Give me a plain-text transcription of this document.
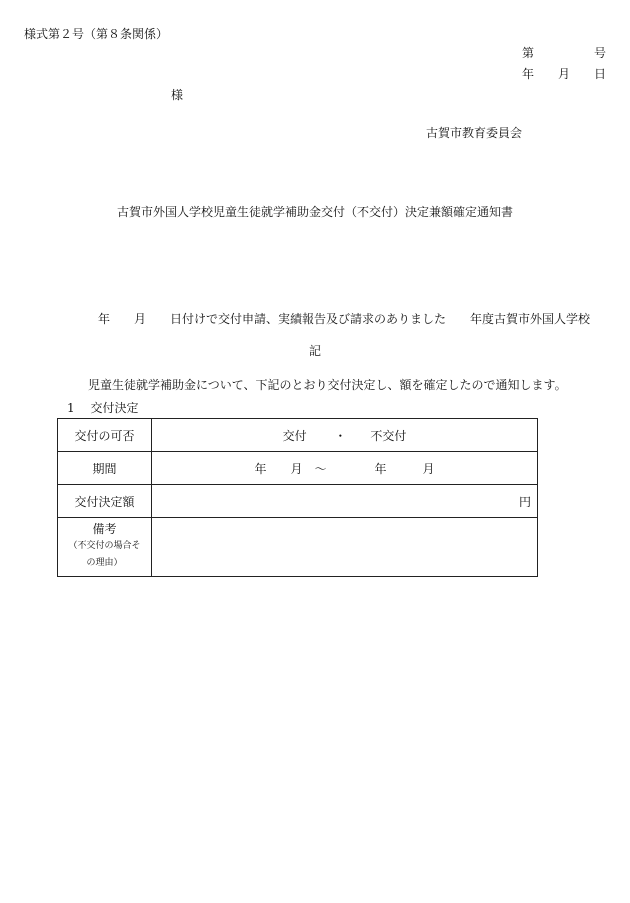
様式第２号（第８条関係）
第　　　　　号
年　　月　　日
様
古賀市教育委員会
古賀市外国人学校児童生徒就学補助金交付（不交付）決定兼額確定通知書

年　　月　　日付けで交付申請、実績報告及び請求のありました　　年度古賀市外国人学校

児童生徒就学補助金について、下記のとおり交付決定し、額を確定したので通知します。

記
1　 交付決定
交付の可否	交付　　 ・　　不交付
期間	年　　月　～　　　　年　　　月
交付決定額	円
備考
（不交付の場合そ
の理由）	
